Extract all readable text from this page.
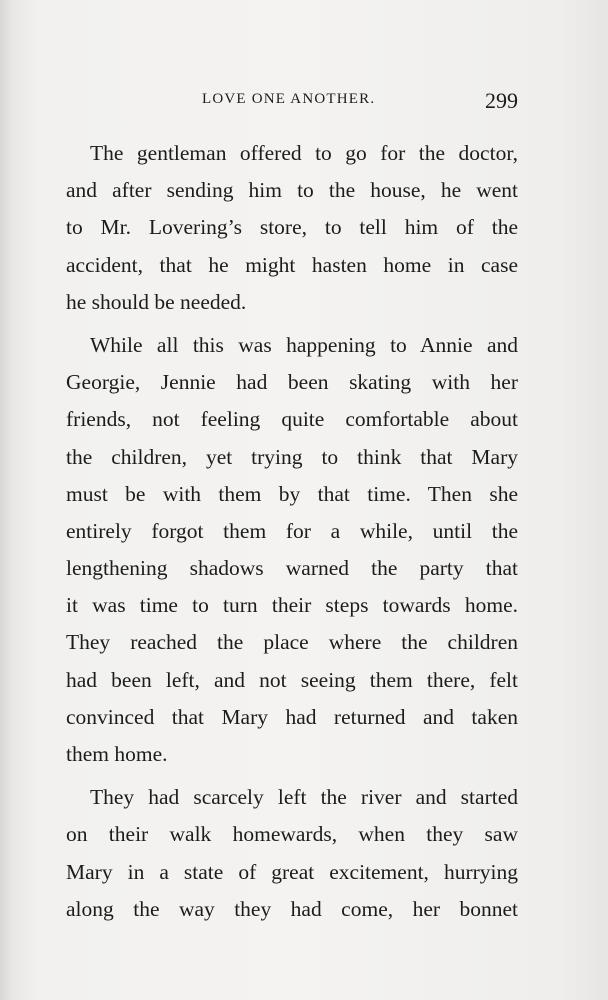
LOVE ONE ANOTHER.	299

The gentleman offered to go for the doctor,
and after sending him to the house, he went
to Mr. Lovering’s store, to tell him of the
accident, that he might hasten home in case
he should be needed.

While all this was happening to Annie and
Georgie, Jennie had been skating with her
friends, not feeling quite comfortable about
the children, yet trying to think that Mary
must be with them by that time. Then she
entirely forgot them for a while, until the
lengthening shadows warned the party that
it was time to turn their steps towards home.
They reached the place where the children
had been left, and not seeing them there, felt
convinced that Mary had returned and taken
them home.

They had scarcely left the river and started
on their walk homewards, when they saw
Mary in a state of great excitement, hurrying
along the way they had come, her bonnet
